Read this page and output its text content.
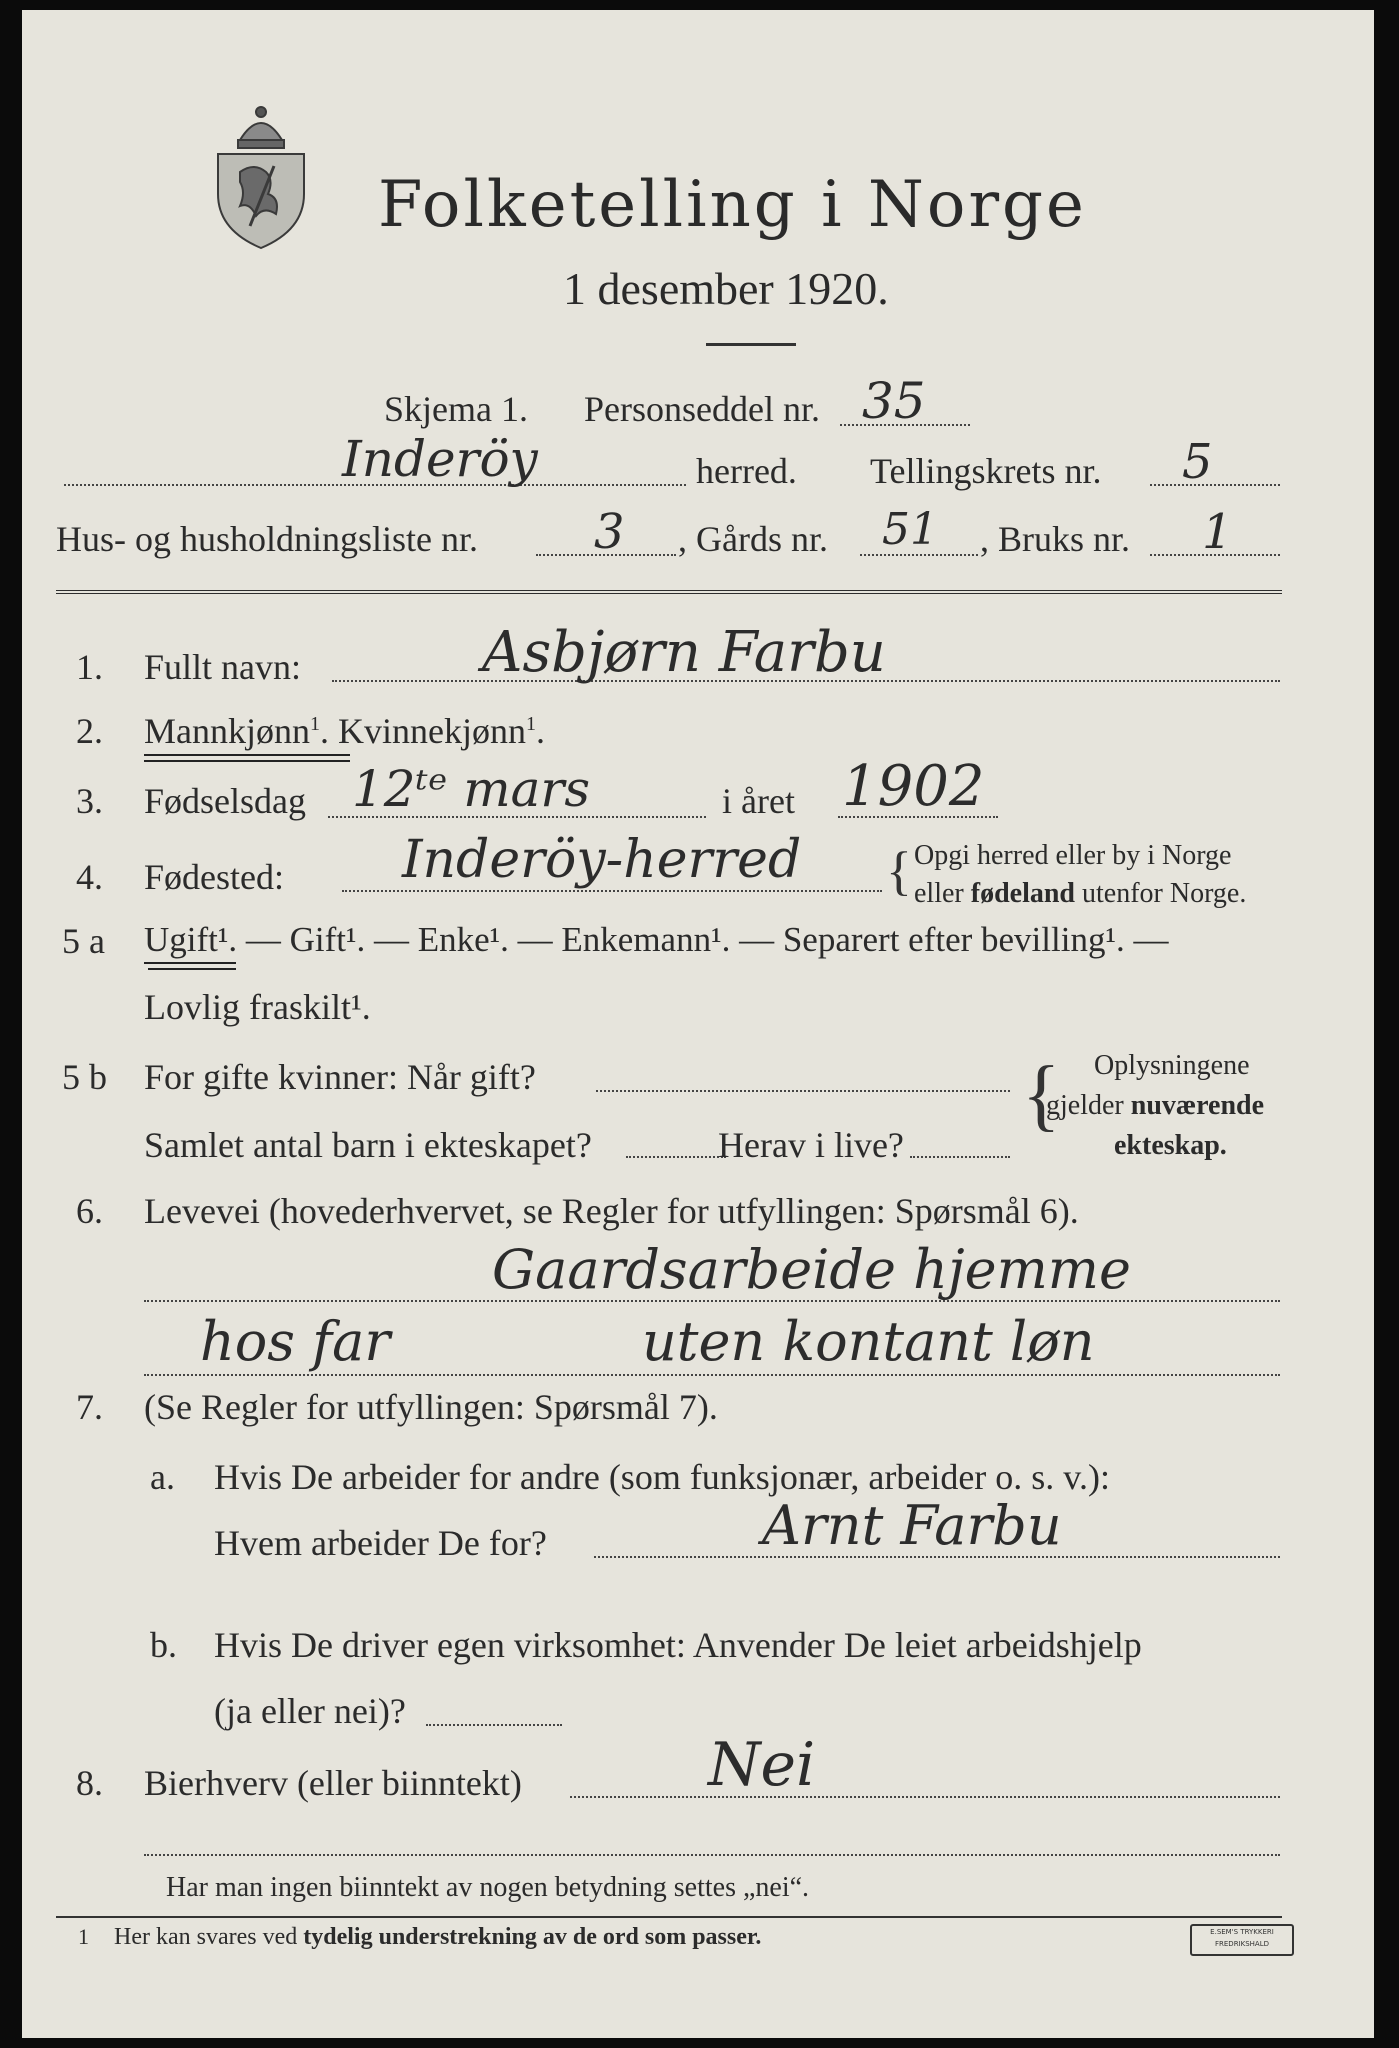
Folketelling i Norge
1 desember 1920.
Skjema 1. Personseddel nr. 35
Inderöy	herred. Tellingskrets nr. 5
Hus- og husholdningsliste nr. 3 , Gårds nr. 51 , Bruks nr. 1
1. Fullt navn:	Asbjørn Farbu
2. Mannkjønn$^1$. Kvinnekjønn$^1$.
3. Fødselsdag 12ᵗᵉ mars	i året 1902
4. Fødested: Inderöy-herred { Opgi herred eller by i Norge
eller fødeland utenfor Norge.
5 a Ugift¹. — Gift¹. — Enke¹. — Enkemann¹. — Separert efter bevilling¹. —
Lovlig fraskilt¹.
5 b For gifte kvinner: Når gift?
Samlet antal barn i ekteskapet?	Herav i live?
{ Oplysningene
gjelder nuværende
ekteskap.
6. Levevei (hovederhvervet, se Regler for utfyllingen: Spørsmål 6).
Gaardsarbeide hjemme
hos far	uten kontant løn
7. (Se Regler for utfyllingen: Spørsmål 7).
a. Hvis De arbeider for andre (som funksjonær, arbeider o. s. v.):
Hvem arbeider De for?	Arnt Farbu
b. Hvis De driver egen virksomhet: Anvender De leiet arbeidshjelp
(ja eller nei)?
8. Bierhverv (eller biinntekt)	Nei
Har man ingen biinntekt av nogen betydning settes „nei“.
1 Her kan svares ved tydelig understrekning av de ord som passer.	E.SEM'S TRYKKERI
FREDRIKSHALD
